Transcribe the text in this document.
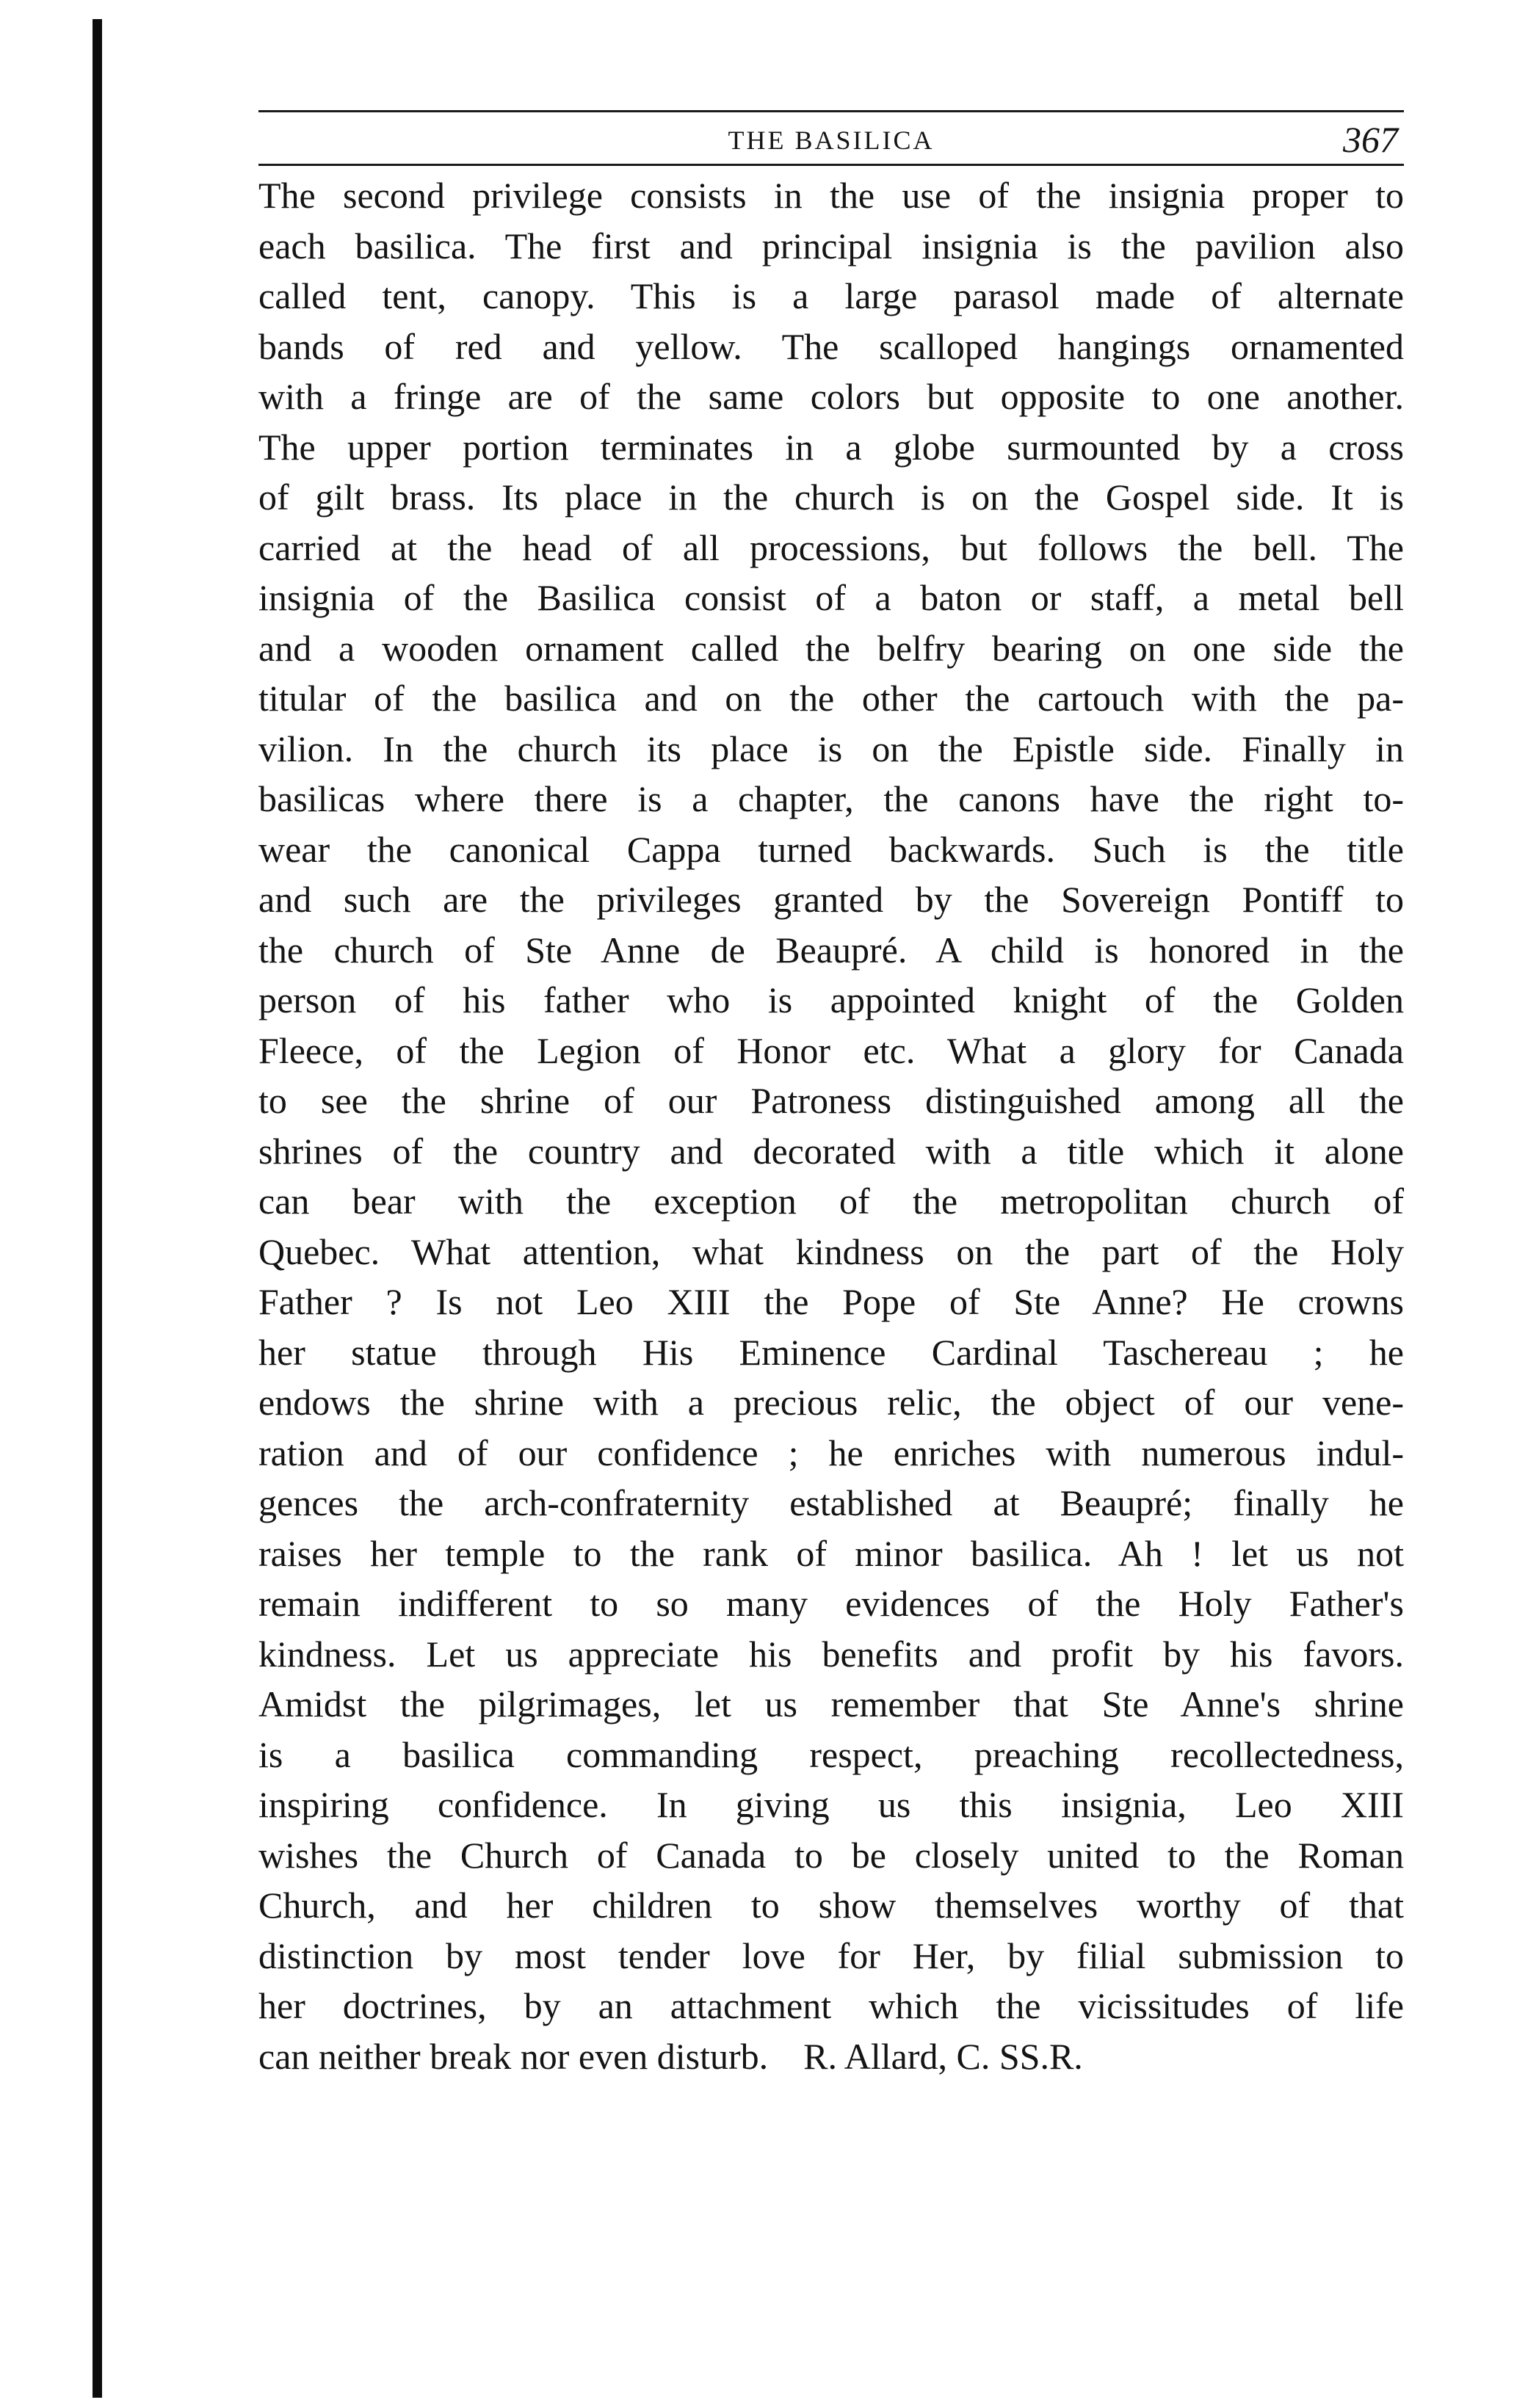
THE BASILICA	367
The second privilege consists in the use of the insignia proper to
each basilica. The first and principal insignia is the pavilion also
called tent, canopy. This is a large parasol made of alternate
bands of red and yellow. The scalloped hangings ornamented
with a fringe are of the same colors but opposite to one another.
The upper portion terminates in a globe surmounted by a cross
of gilt brass. Its place in the church is on the Gospel side. It is
carried at the head of all processions, but follows the bell. The
insignia of the Basilica consist of a baton or staff, a metal bell
and a wooden ornament called the belfry bearing on one side the
titular of the basilica and on the other the cartouch with the pa-
vilion. In the church its place is on the Epistle side. Finally in
basilicas where there is a chapter, the canons have the right to-
wear the canonical Cappa turned backwards. Such is the title
and such are the privileges granted by the Sovereign Pontiff to
the church of Ste Anne de Beaupré. A child is honored in the
person of his father who is appointed knight of the Golden
Fleece, of the Legion of Honor etc. What a glory for Canada
to see the shrine of our Patroness distinguished among all the
shrines of the country and decorated with a title which it alone
can bear with the exception of the metropolitan church of
Quebec. What attention, what kindness on the part of the Holy
Father ? Is not Leo XIII the Pope of Ste Anne? He crowns
her statue through His Eminence Cardinal Taschereau ; he
endows the shrine with a precious relic, the object of our vene-
ration and of our confidence ; he enriches with numerous indul-
gences the arch-confraternity established at Beaupré; finally he
raises her temple to the rank of minor basilica. Ah ! let us not
remain indifferent to so many evidences of the Holy Father's
kindness. Let us appreciate his benefits and profit by his favors.
Amidst the pilgrimages, let us remember that Ste Anne's shrine
is a basilica commanding respect, preaching recollectedness,
inspiring confidence. In giving us this insignia, Leo XIII
wishes the Church of Canada to be closely united to the Roman
Church, and her children to show themselves worthy of that
distinction by most tender love for Her, by filial submission to
her doctrines, by an attachment which the vicissitudes of life
can neither break nor even disturb. R. Allard, C. SS.R.
